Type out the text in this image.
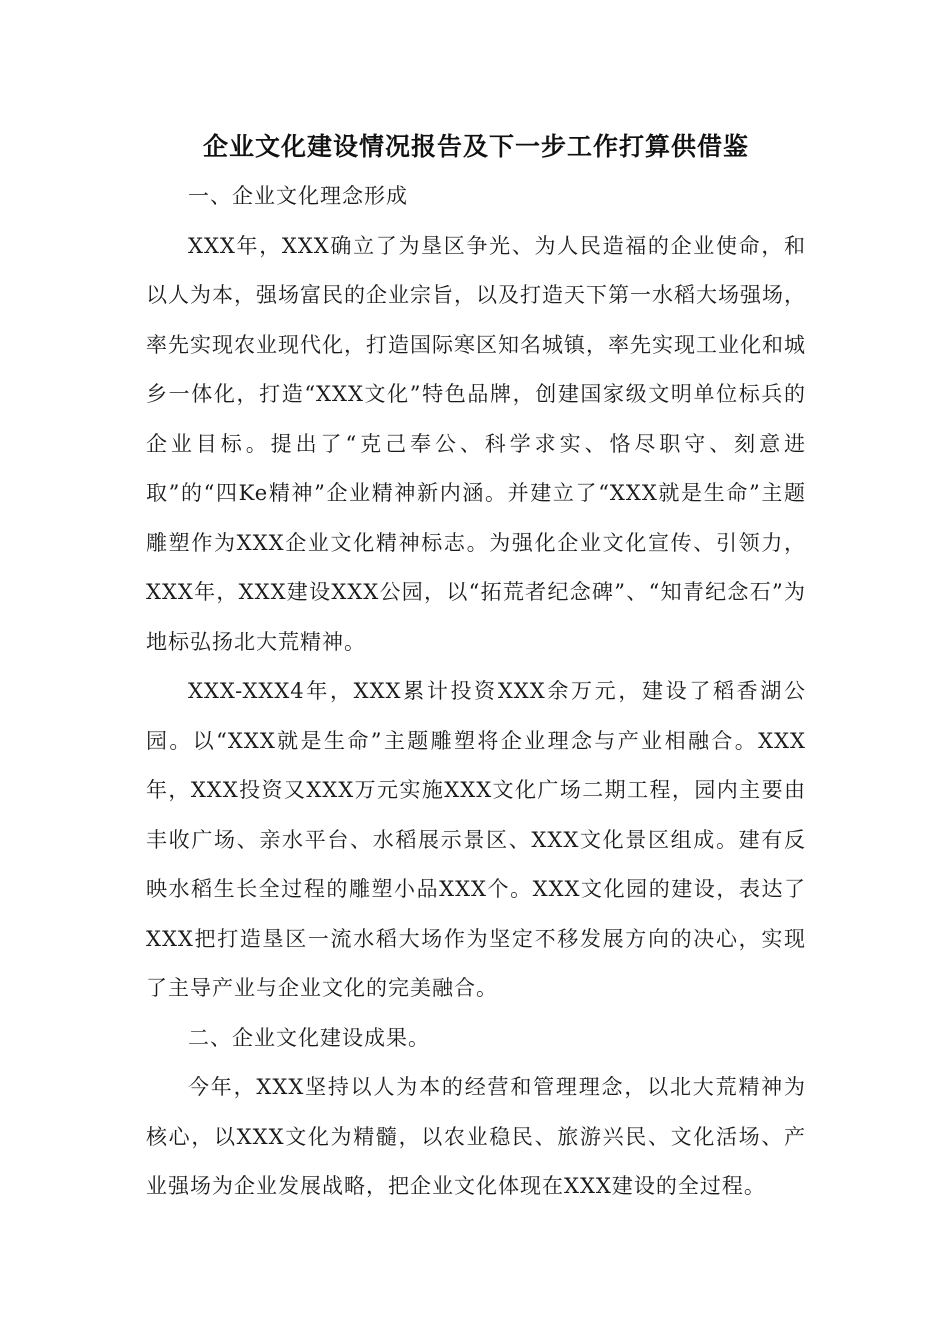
企业文化建设情况报告及下一步工作打算供借鉴

一、企业文化理念形成

XXX年，XXX确立了为垦区争光、为人民造福的企业使命，和以人为本，强场富民的企业宗旨，以及打造天下第一水稻大场强场，率先实现农业现代化，打造国际寒区知名城镇，率先实现工业化和城乡一体化，打造“XXX文化”特色品牌，创建国家级文明单位标兵的企业目标。提出了“克己奉公、科学求实、恪尽职守、刻意进取”的“四Ke精神”企业精神新内涵。并建立了“XXX就是生命”主题雕塑作为XXX企业文化精神标志。为强化企业文化宣传、引领力，XXX年，XXX建设XXX公园，以“拓荒者纪念碑”、“知青纪念石”为地标弘扬北大荒精神。

XXX-XXX4年，XXX累计投资XXX余万元，建设了稻香湖公园。以“XXX就是生命”主题雕塑将企业理念与产业相融合。XXX年，XXX投资又XXX万元实施XXX文化广场二期工程，园内主要由丰收广场、亲水平台、水稻展示景区、XXX文化景区组成。建有反映水稻生长全过程的雕塑小品XXX个。XXX文化园的建设，表达了XXX把打造垦区一流水稻大场作为坚定不移发展方向的决心，实现了主导产业与企业文化的完美融合。

二、企业文化建设成果。

今年，XXX坚持以人为本的经营和管理理念，以北大荒精神为核心，以XXX文化为精髓，以农业稳民、旅游兴民、文化活场、产业强场为企业发展战略，把企业文化体现在XXX建设的全过程。
